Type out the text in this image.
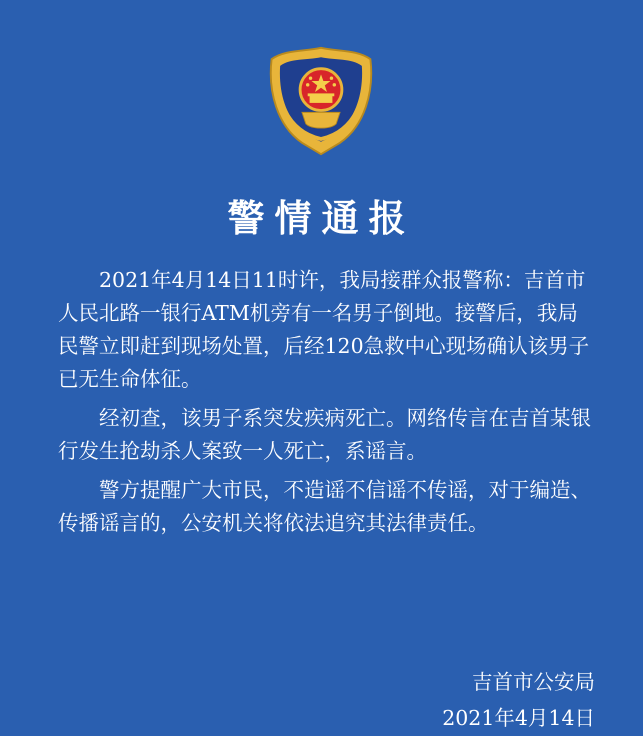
警情通报

2021年4月14日11时许，我局接群众报警称：吉首市人民北路一银行ATM机旁有一名男子倒地。接警后，我局民警立即赶到现场处置，后经120急救中心现场确认该男子已无生命体征。

经初查，该男子系突发疾病死亡。网络传言在吉首某银行发生抢劫杀人案致一人死亡，系谣言。

警方提醒广大市民，不造谣不信谣不传谣，对于编造、传播谣言的，公安机关将依法追究其法律责任。

吉首市公安局
2021年4月14日
